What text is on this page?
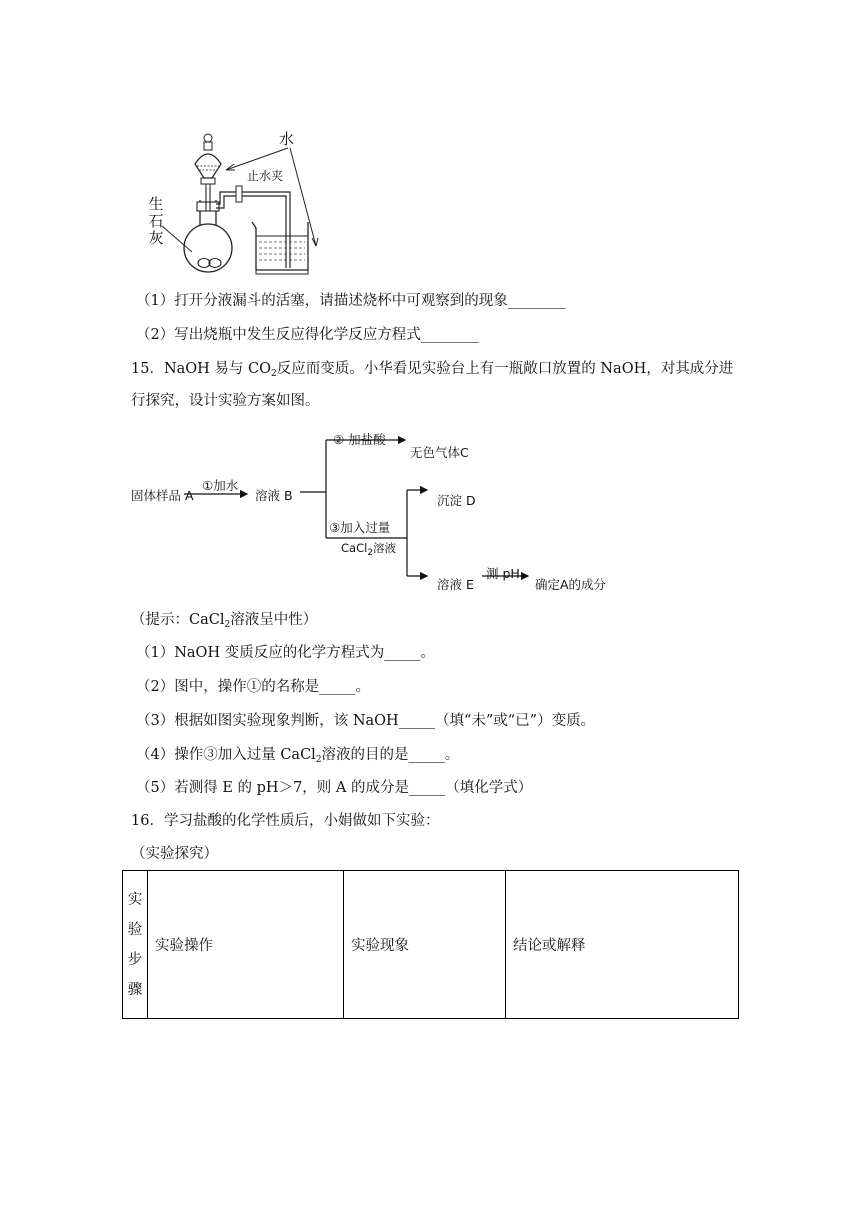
水
止水夹
生
石
灰
（1）打开分液漏斗的活塞，请描述烧杯中可观察到的现象________
（2）写出烧瓶中发生反应得化学反应方程式________
15．NaOH 易与 $CO_2$反应而变质。小华看见实验台上有一瓶敞口放置的 NaOH，对其成分进行探究，设计实验方案如图。
固体样品 A
①加水
溶液 B
② 加盐酸
无色气体C
③加入过量
CaCl$_2$溶液
沉淀 D
溶液 E
测 pH
确定A的成分
（提示：CaCl$_2$溶液呈中性）
（1）NaOH 变质反应的化学方程式为_____。
（2）图中，操作①的名称是_____。
（3）根据如图实验现象判断，该 NaOH_____（填“未”或“已”）变质。
（4）操作③加入过量 CaCl$_2$溶液的目的是_____。
（5）若测得 E 的 pH＞7，则 A 的成分是_____（填化学式）
16．学习盐酸的化学性质后，小娟做如下实验：
（实验探究）
实
验
步
骤
	实验操作	实验现象	结论或解释
